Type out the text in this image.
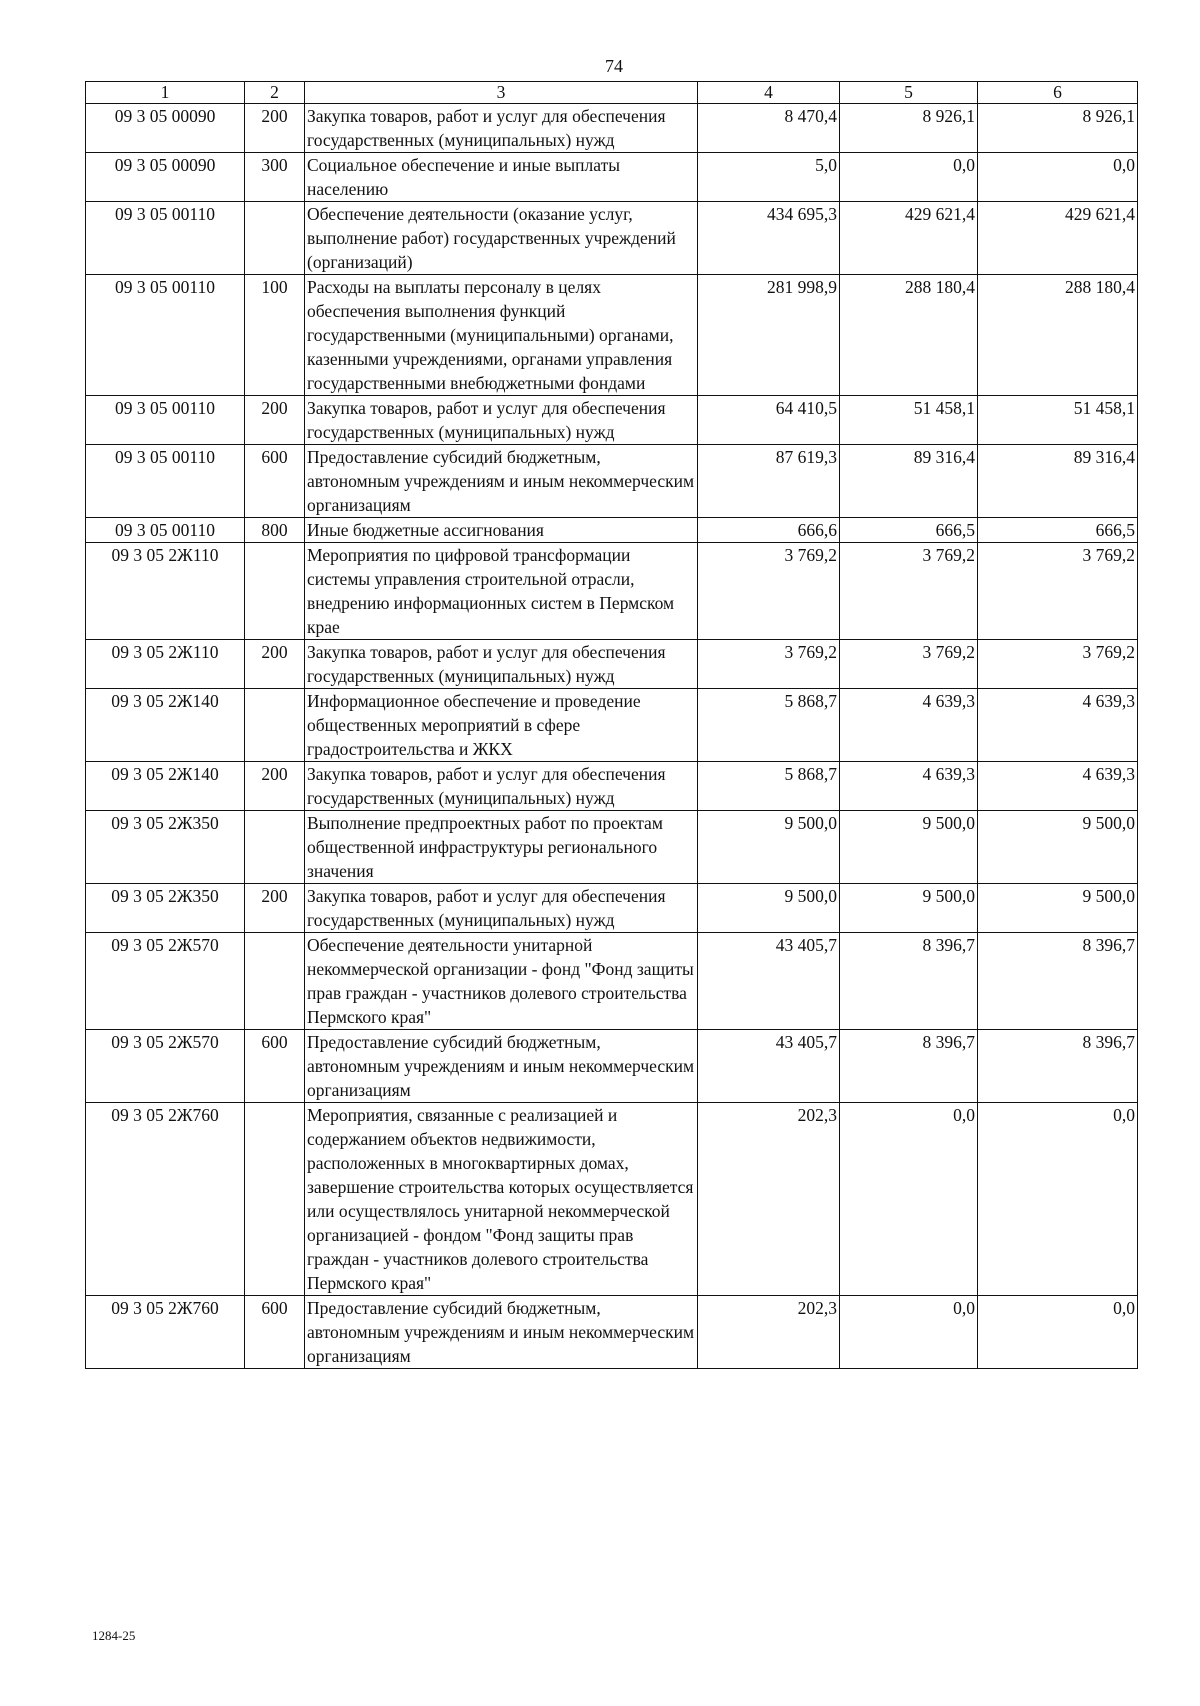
74
1	2	3	4	5	6
09 3 05 00090	200	Закупка товаров, работ и услуг для обеспечения государственных (муниципальных) нужд	8 470,4	8 926,1	8 926,1
09 3 05 00090	300	Социальное обеспечение и иные выплаты населению	5,0	0,0	0,0
09 3 05 00110		Обеспечение деятельности (оказание услуг, выполнение работ) государственных учреждений (организаций)	434 695,3	429 621,4	429 621,4
09 3 05 00110	100	Расходы на выплаты персоналу в целях обеспечения выполнения функций государственными (муниципальными) органами, казенными учреждениями, органами управления государственными внебюджетными фондами	281 998,9	288 180,4	288 180,4
09 3 05 00110	200	Закупка товаров, работ и услуг для обеспечения государственных (муниципальных) нужд	64 410,5	51 458,1	51 458,1
09 3 05 00110	600	Предоставление субсидий бюджетным, автономным учреждениям и иным некоммерческим организациям	87 619,3	89 316,4	89 316,4
09 3 05 00110	800	Иные бюджетные ассигнования	666,6	666,5	666,5
09 3 05 2Ж110		Мероприятия по цифровой трансформации системы управления строительной отрасли, внедрению информационных систем в Пермском крае	3 769,2	3 769,2	3 769,2
09 3 05 2Ж110	200	Закупка товаров, работ и услуг для обеспечения государственных (муниципальных) нужд	3 769,2	3 769,2	3 769,2
09 3 05 2Ж140		Информационное обеспечение и проведение общественных мероприятий в сфере градостроительства и ЖКХ	5 868,7	4 639,3	4 639,3
09 3 05 2Ж140	200	Закупка товаров, работ и услуг для обеспечения государственных (муниципальных) нужд	5 868,7	4 639,3	4 639,3
09 3 05 2Ж350		Выполнение предпроектных работ по проектам общественной инфраструктуры регионального значения	9 500,0	9 500,0	9 500,0
09 3 05 2Ж350	200	Закупка товаров, работ и услуг для обеспечения государственных (муниципальных) нужд	9 500,0	9 500,0	9 500,0
09 3 05 2Ж570		Обеспечение деятельности унитарной некоммерческой организации - фонд "Фонд защиты прав граждан - участников долевого строительства Пермского края"	43 405,7	8 396,7	8 396,7
09 3 05 2Ж570	600	Предоставление субсидий бюджетным, автономным учреждениям и иным некоммерческим организациям	43 405,7	8 396,7	8 396,7
09 3 05 2Ж760		Мероприятия, связанные с реализацией и содержанием объектов недвижимости, расположенных в многоквартирных домах, завершение строительства которых осуществляется или осуществлялось унитарной некоммерческой организацией - фондом "Фонд защиты прав граждан - участников долевого строительства Пермского края"	202,3	0,0	0,0
09 3 05 2Ж760	600	Предоставление субсидий бюджетным, автономным учреждениям и иным некоммерческим организациям	202,3	0,0	0,0
1284-25
